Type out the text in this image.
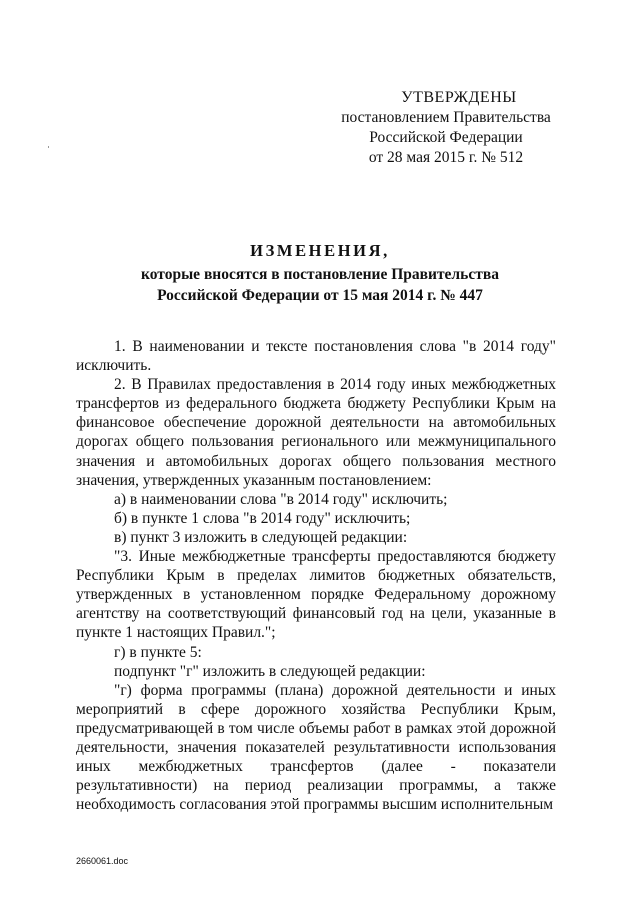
УТВЕРЖДЕНЫ
постановлением Правительства
Российской Федерации
от 28 мая 2015 г. № 512
ИЗМЕНЕНИЯ,
которые вносятся в постановление Правительства
Российской Федерации от 15 мая 2014 г. № 447

1. В наименовании и тексте постановления слова "в 2014 году" исключить.

2. В Правилах предоставления в 2014 году иных межбюджетных трансфертов из федерального бюджета бюджету Республики Крым на финансовое обеспечение дорожной деятельности на автомобильных дорогах общего пользования регионального или межмуниципального значения и автомобильных дорогах общего пользования местного значения, утвержденных указанным постановлением:

а) в наименовании слова "в 2014 году" исключить;

б) в пункте 1 слова "в 2014 году" исключить;

в) пункт 3 изложить в следующей редакции:

"3. Иные межбюджетные трансферты предоставляются бюджету Республики Крым в пределах лимитов бюджетных обязательств, утвержденных в установленном порядке Федеральному дорожному агентству на соответствующий финансовый год на цели, указанные в пункте 1 настоящих Правил.";

г) в пункте 5:

подпункт "г" изложить в следующей редакции:

"г) форма программы (плана) дорожной деятельности и иных мероприятий в сфере дорожного хозяйства Республики Крым, предусматривающей в том числе объемы работ в рамках этой дорожной деятельности, значения показателей результативности использования иных межбюджетных трансфертов (далее - показатели результативности) на период реализации программы, а также необходимость согласования этой программы высшим исполнительным

2660061.doc
